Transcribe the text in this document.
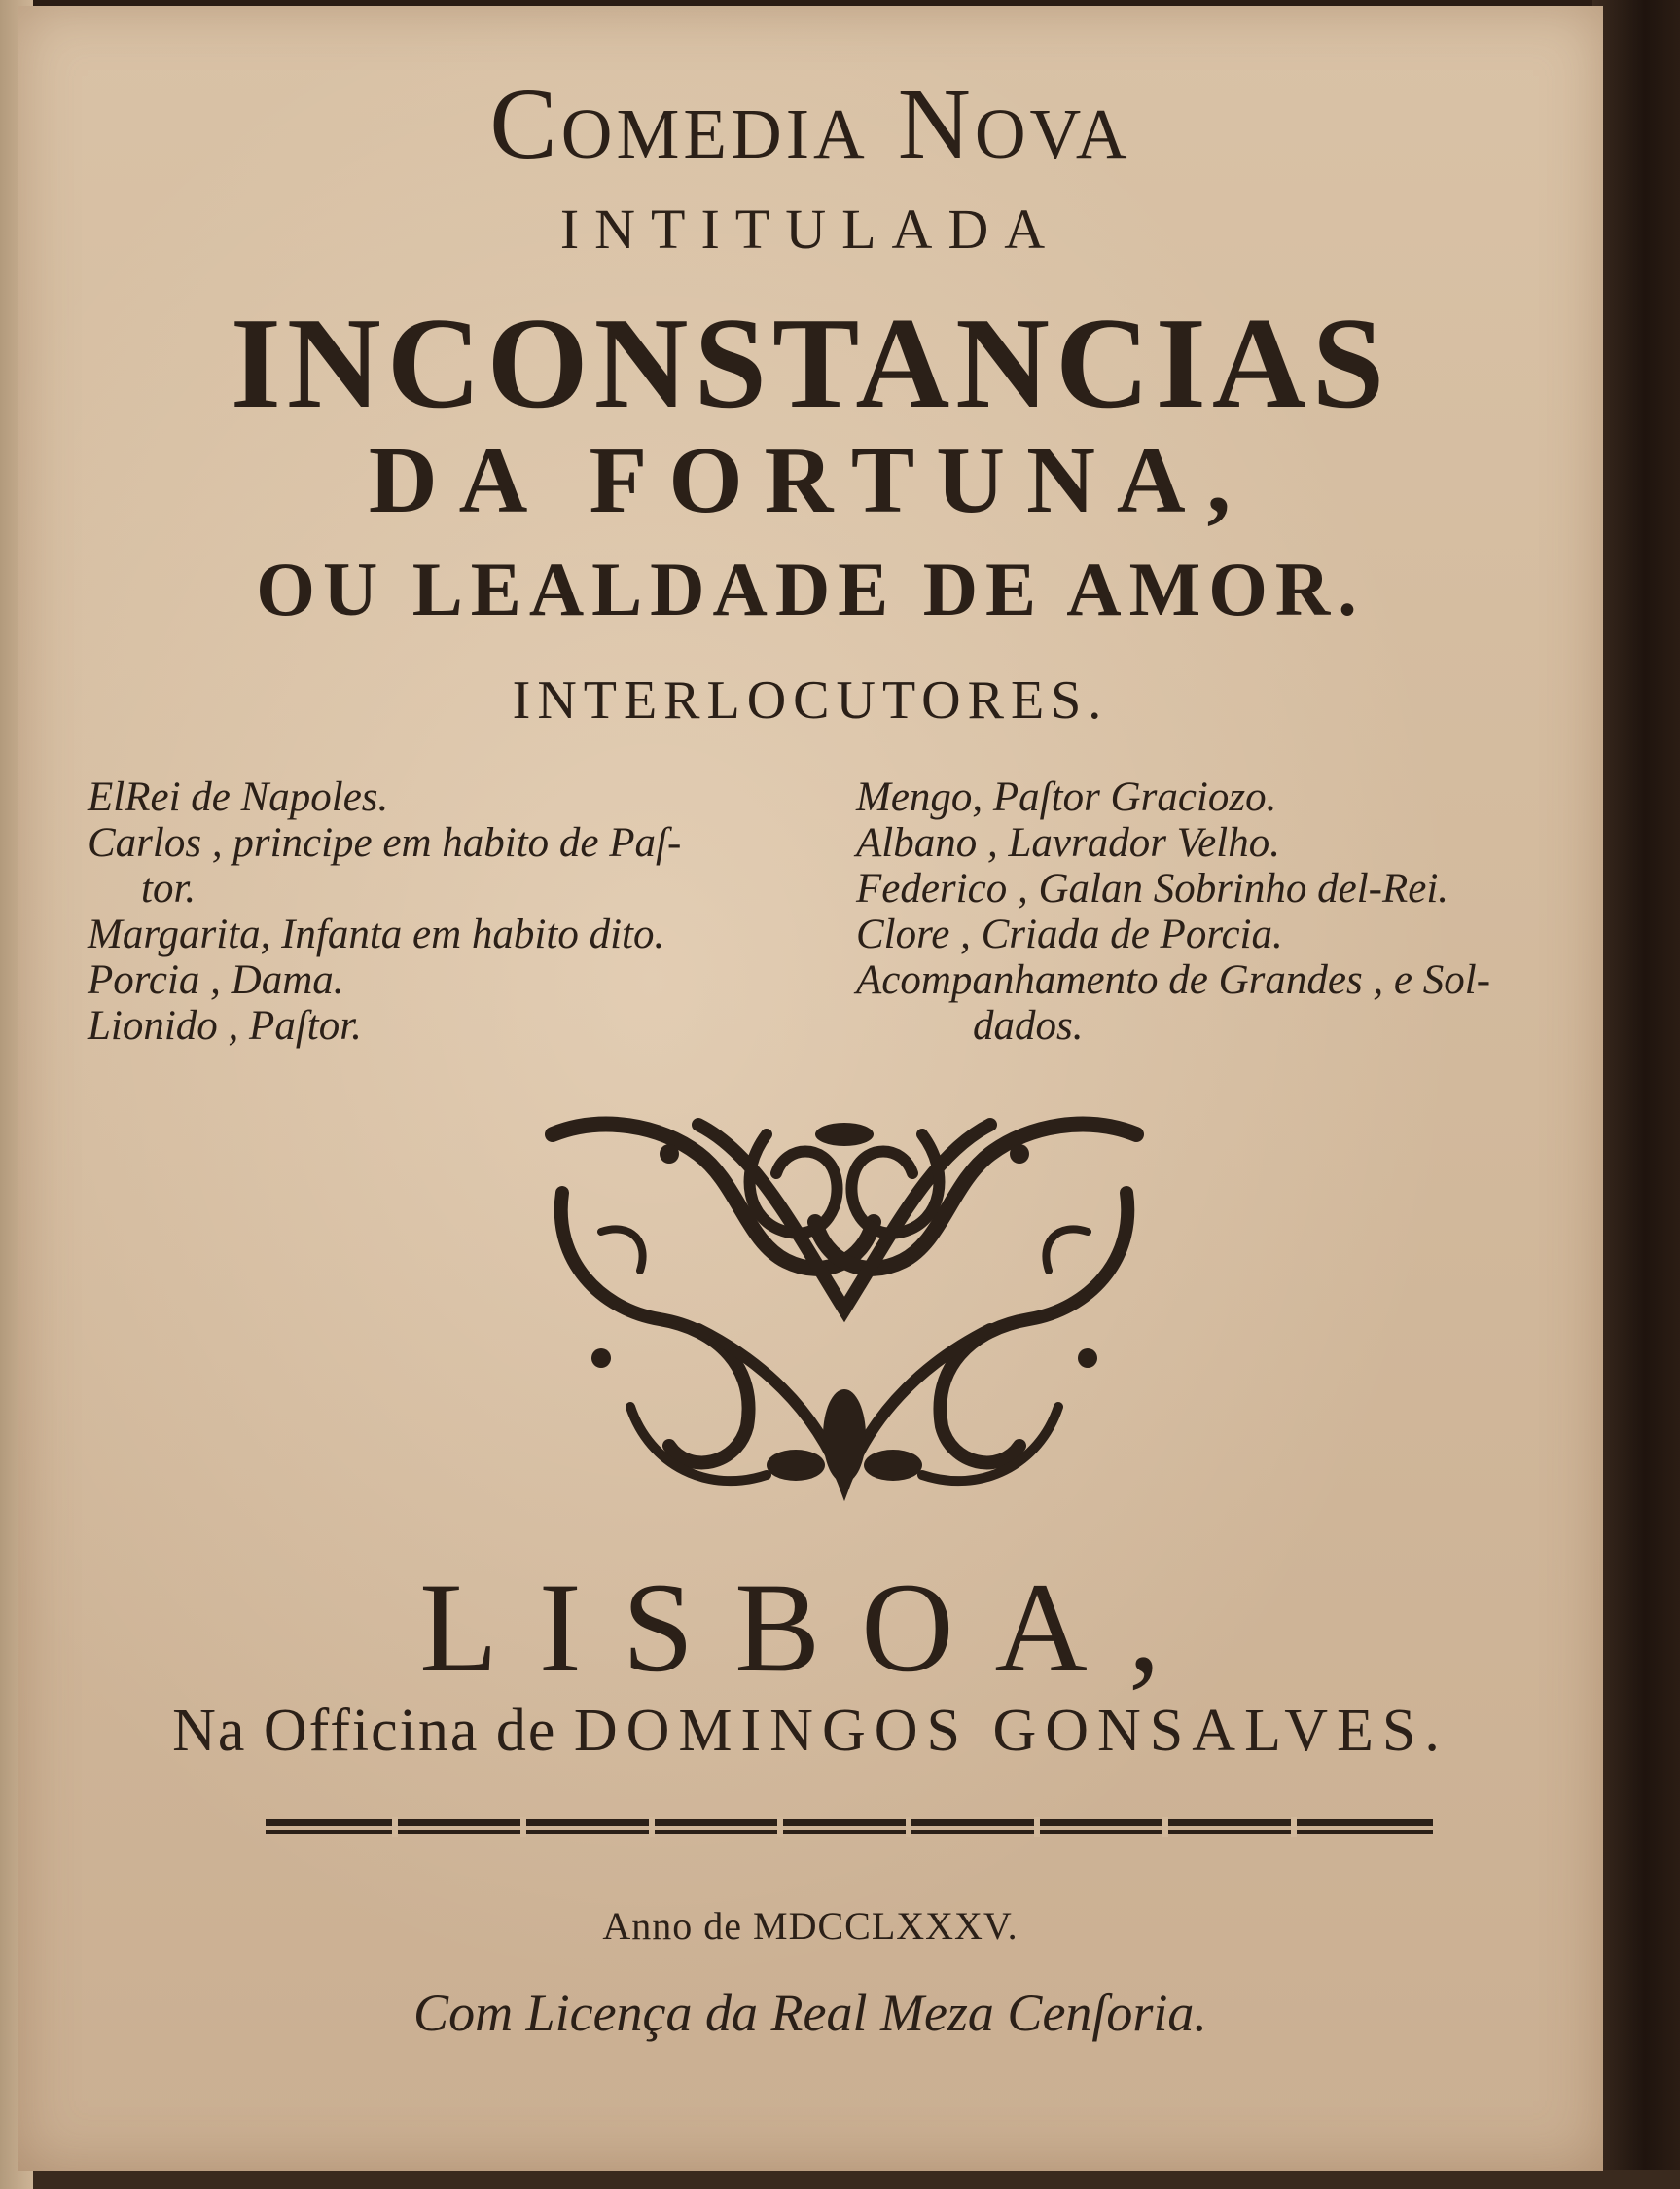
Comedia Nova
INTITULADA
INCONSTANCIAS
DA FORTUNA,
OU LEALDADE DE AMOR.
INTERLOCUTORES.
ElRei de Napoles.
Carlos , principe em habito de Paſ-
tor.
Margarita, Infanta em habito dito.
Porcia , Dama.
Lionido , Paſtor.
Mengo, Paſtor Graciozo.
Albano , Lavrador Velho.
Federico , Galan Sobrinho del-Rei.
Clore , Criada de Porcia.
Acompanhamento de Grandes , e Sol-
dados.
LISBOA,
Na Officina de DOMINGOS GONSALVES.
Anno de MDCCLXXXV.
Com Licença da Real Meza Cenſoria.
